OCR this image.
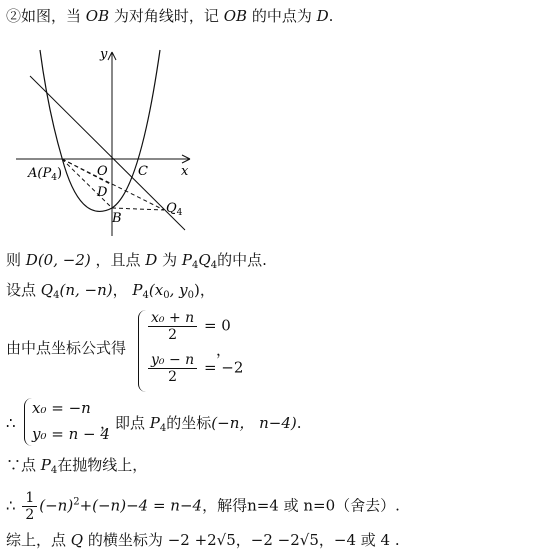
②如图，当 OB 为对角线时，记 OB 的中点为 D.
y
x
O
$A(P_4)$	C
D
B
$Q_4$
则 D(0, −2) ，且点 D 为 $P_4Q_4$的中点.
设点 $Q_4(n$, −n)， $P_4(x_0$, $y_0$)，
由中点坐标公式得
$\frac{\text{x₀ + n}}{2} = 0$
$\frac{\text{y₀ − n}}{2} = -2$
，
∴
x₀ = −n
y₀ = n − 4
，即点 $P_4$的坐标(−n， n−4).
∵点 $P_4$在抛物线上，
∴ $\frac{1}{2} (-n)^2+(-n)-4 = n-4$，解得n=4 或 n=0（舍去）.
综上，点 Q 的横坐标为 −2 +2√5，−2 −2√5，−4 或 4 .
